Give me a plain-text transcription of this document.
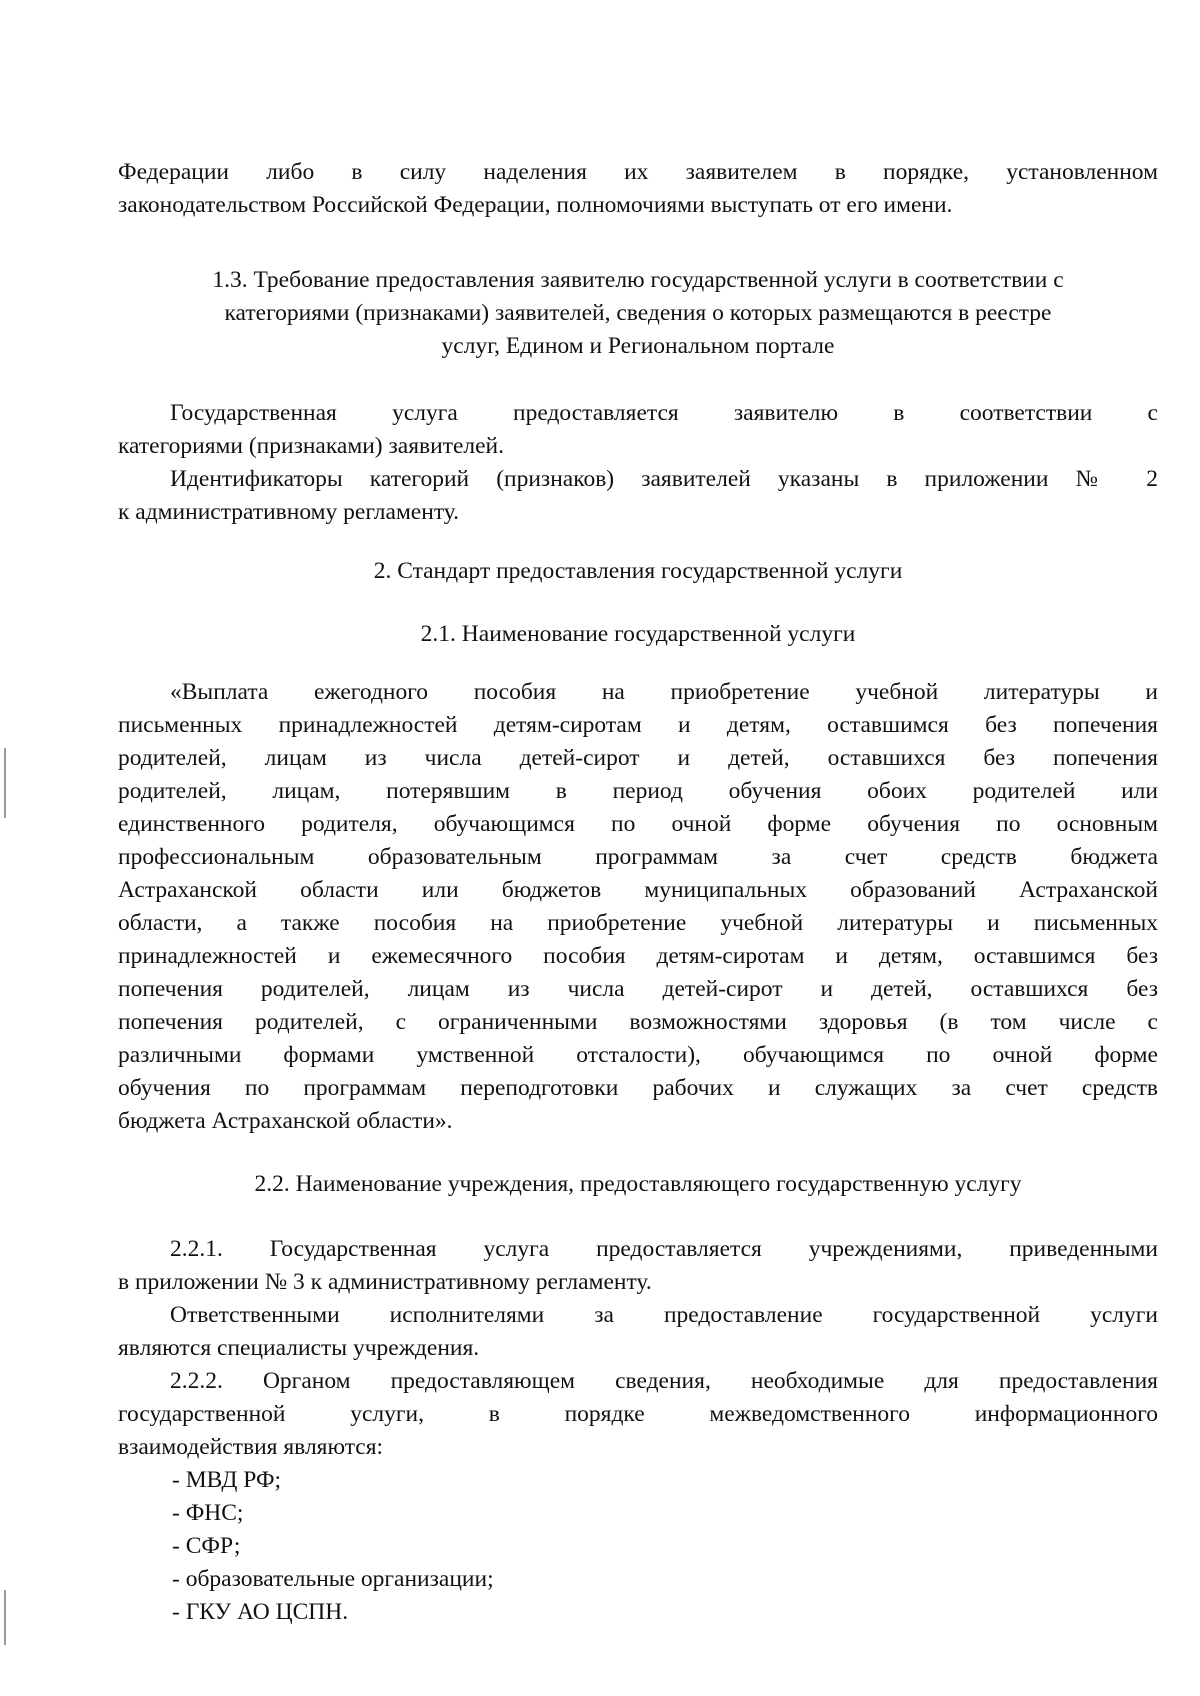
Федерации либо в силу наделения их заявителем в порядке, установленном
законодательством Российской Федерации, полномочиями выступать от его имени.
1.3. Требование предоставления заявителю государственной услуги в соответствии с
категориями (признаками) заявителей, сведения о которых размещаются в реестре
услуг, Едином и Региональном портале
Государственная услуга предоставляется заявителю в соответствии с
категориями (признаками) заявителей.
Идентификаторы категорий (признаков) заявителей указаны в приложении № 2
к административному регламенту.
2. Стандарт предоставления государственной услуги
2.1. Наименование государственной услуги
«Выплата ежегодного пособия на приобретение учебной литературы и
письменных принадлежностей детям-сиротам и детям, оставшимся без попечения
родителей, лицам из числа детей-сирот и детей, оставшихся без попечения
родителей, лицам, потерявшим в период обучения обоих родителей или
единственного родителя, обучающимся по очной форме обучения по основным
профессиональным образовательным программам за счет средств бюджета
Астраханской области или бюджетов муниципальных образований Астраханской
области, а также пособия на приобретение учебной литературы и письменных
принадлежностей и ежемесячного пособия детям-сиротам и детям, оставшимся без
попечения родителей, лицам из числа детей-сирот и детей, оставшихся без
попечения родителей, с ограниченными возможностями здоровья (в том числе с
различными формами умственной отсталости), обучающимся по очной форме
обучения по программам переподготовки рабочих и служащих за счет средств
бюджета Астраханской области».
2.2. Наименование учреждения, предоставляющего государственную услугу
2.2.1. Государственная услуга предоставляется учреждениями, приведенными
в приложении № 3 к административному регламенту.
Ответственными исполнителями за предоставление государственной услуги
являются специалисты учреждения.
2.2.2. Органом предоставляющем сведения, необходимые для предоставления
государственной услуги, в порядке межведомственного информационного
взаимодействия являются:
- МВД РФ;
- ФНС;
- СФР;
- образовательные организации;
- ГКУ АО ЦСПН.
